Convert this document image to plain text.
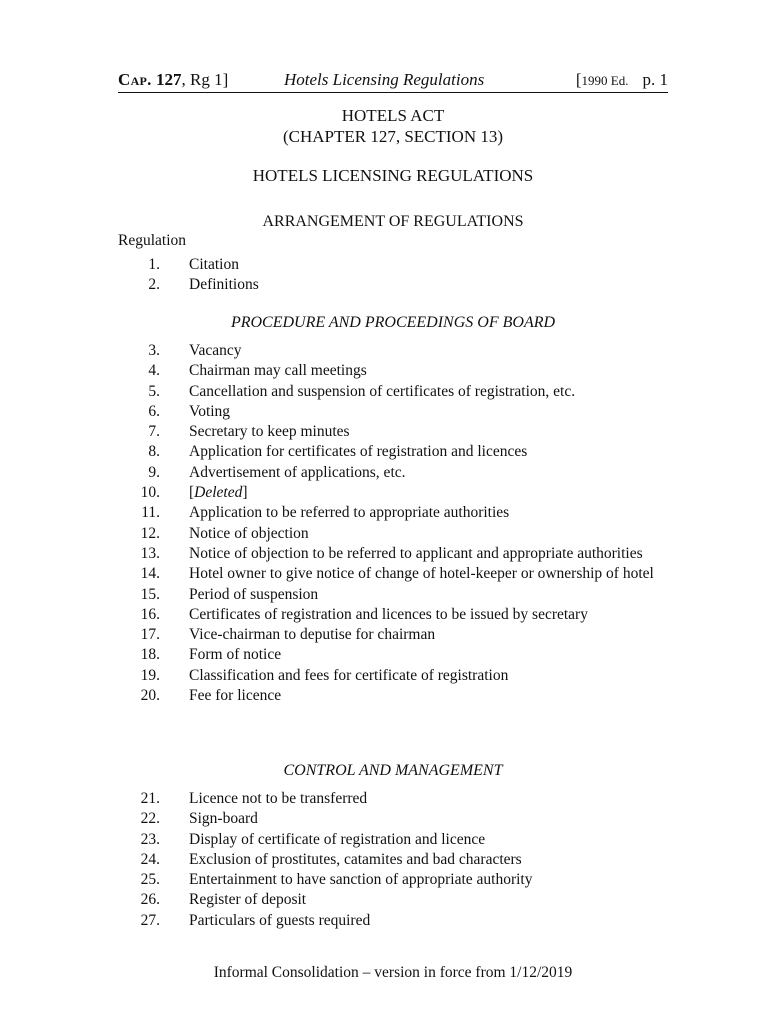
Cap. 127, Rg 1]	Hotels Licensing Regulations	[1990 Ed. p. 1
HOTELS ACT
(CHAPTER 127, SECTION 13)
HOTELS LICENSING REGULATIONS
ARRANGEMENT OF REGULATIONS
Regulation
1. Citation
2. Definitions
PROCEDURE AND PROCEEDINGS OF BOARD
3. Vacancy
4. Chairman may call meetings
5. Cancellation and suspension of certificates of registration, etc.
6. Voting
7. Secretary to keep minutes
8. Application for certificates of registration and licences
9. Advertisement of applications, etc.
10. [Deleted]
11. Application to be referred to appropriate authorities
12. Notice of objection
13. Notice of objection to be referred to applicant and appropriate authorities
14. Hotel owner to give notice of change of hotel-keeper or ownership of hotel
15. Period of suspension
16. Certificates of registration and licences to be issued by secretary
17. Vice-chairman to deputise for chairman
18. Form of notice
19. Classification and fees for certificate of registration
20. Fee for licence
CONTROL AND MANAGEMENT
21. Licence not to be transferred
22. Sign-board
23. Display of certificate of registration and licence
24. Exclusion of prostitutes, catamites and bad characters
25. Entertainment to have sanction of appropriate authority
26. Register of deposit
27. Particulars of guests required
Informal Consolidation – version in force from 1/12/2019
